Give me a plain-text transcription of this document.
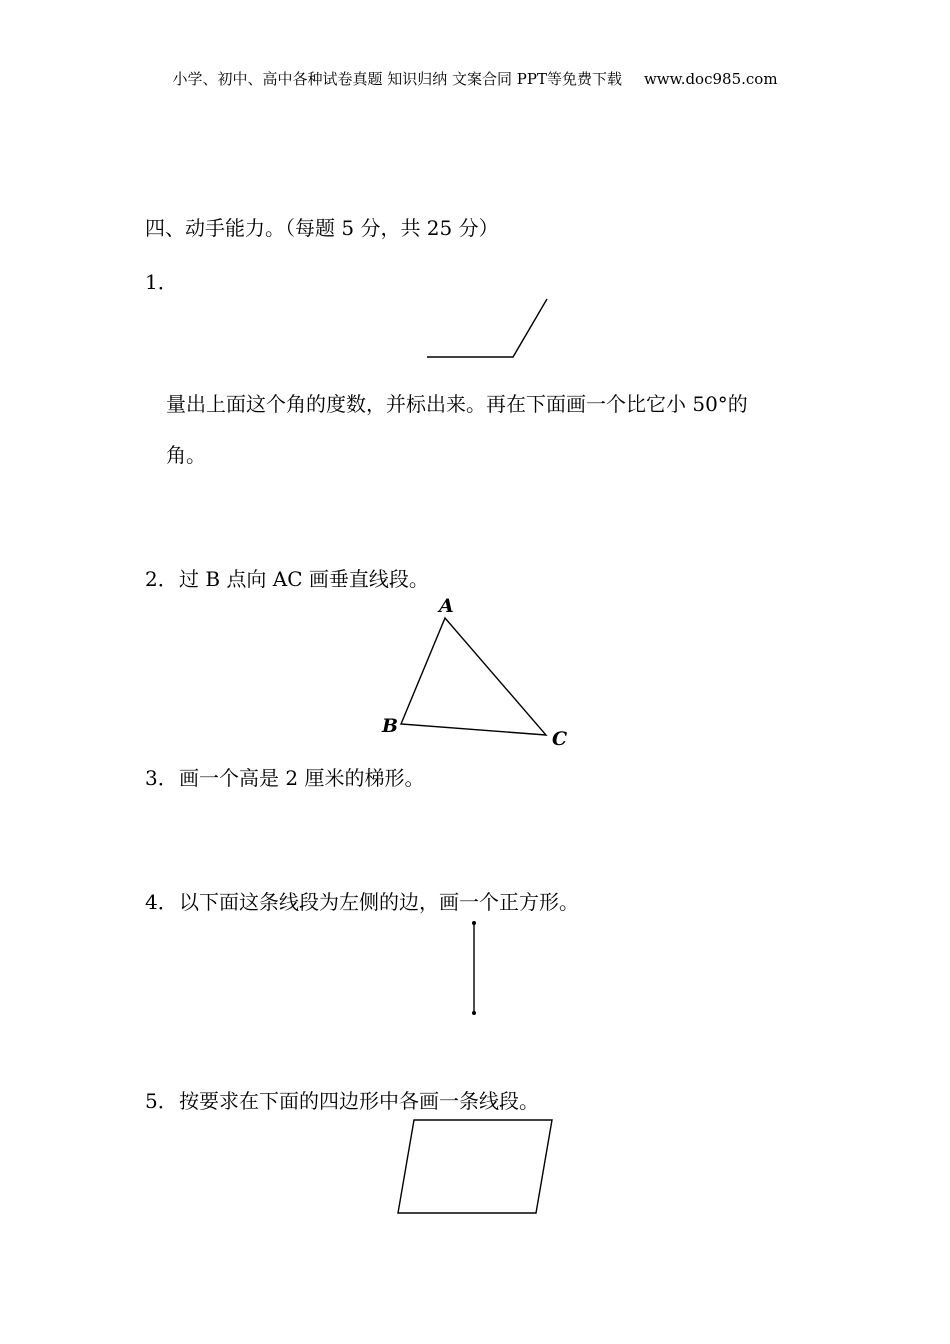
小学、初中、高中各种试卷真题 知识归纳 文案合同 PPT等免费下载 www.doc985.com
四、动手能力。（每题 5 分，共 25 分）
1．
量出上面这个角的度数，并标出来。再在下面画一个比它小 50°的
角。
2． 过 B 点向 AC 画垂直线段。
A
B
C
3． 画一个高是 2 厘米的梯形。
4． 以下面这条线段为左侧的边，画一个正方形。
5． 按要求在下面的四边形中各画一条线段。
